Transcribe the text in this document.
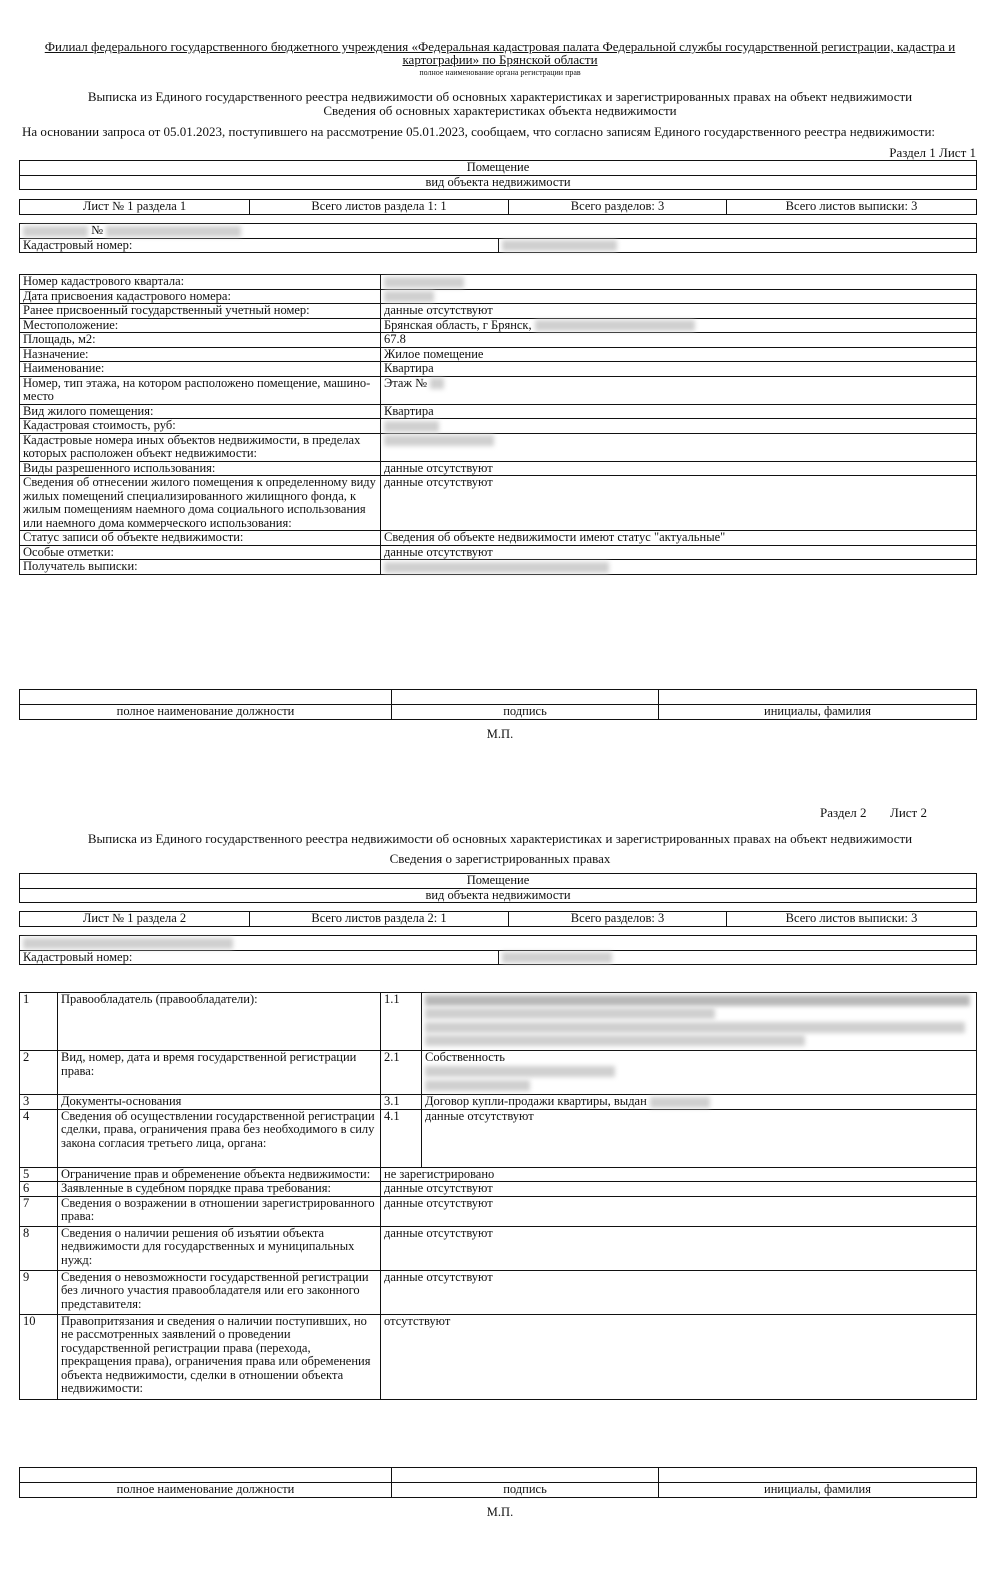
Филиал федерального государственного бюджетного учреждения «Федеральная кадастровая палата Федеральной службы государственной регистрации, кадастра и
картографии» по Брянской области
полное наименование органа регистрации прав
Выписка из Единого государственного реестра недвижимости об основных характеристиках и зарегистрированных правах на объект недвижимости
Сведения об основных характеристиках объекта недвижимости
На основании запроса от 05.01.2023, поступившего на рассмотрение 05.01.2023, сообщаем, что согласно записям Единого государственного реестра недвижимости:
Раздел 1 Лист 1
Помещение
вид объекта недвижимости
Лист № 1 раздела 1	Всего листов раздела 1: 1	Всего разделов: 3	Всего листов выписки: 3
№
Кадастровый номер:	
Номер кадастрового квартала:	
Дата присвоения кадастрового номера:	
Ранее присвоенный государственный учетный номер:	данные отсутствуют
Местоположение:	Брянская область, г Брянск,
Площадь, м2:	67.8
Назначение:	Жилое помещение
Наименование:	Квартира
Номер, тип этажа, на котором расположено помещение, машино-место	Этаж №
Вид жилого помещения:	Квартира
Кадастровая стоимость, руб:	
Кадастровые номера иных объектов недвижимости, в пределах которых расположен объект недвижимости:	
Виды разрешенного использования:	данные отсутствуют
Сведения об отнесении жилого помещения к определенному виду жилых помещений специализированного жилищного фонда, к жилым помещениям наемного дома социального использования или наемного дома коммерческого использования:	данные отсутствуют
Статус записи об объекте недвижимости:	Сведения об объекте недвижимости имеют статус "актуальные"
Особые отметки:	данные отсутствуют
Получатель выписки:	

полное наименование должности	подпись	инициалы, фамилия
М.П.
Раздел 2 Лист 2
Выписка из Единого государственного реестра недвижимости об основных характеристиках и зарегистрированных правах на объект недвижимости
Сведения о зарегистрированных правах
Помещение
вид объекта недвижимости
Лист № 1 раздела 2	Всего листов раздела 2: 1	Всего разделов: 3	Всего листов выписки: 3

Кадастровый номер:	
1	Правообладатель (правообладатели):	1.1	

2	Вид, номер, дата и время государственной регистрации права:	2.1	Собственность

3	Документы-основания	3.1	Договор купли-продажи квартиры, выдан
4	Сведения об осуществлении государственной регистрации сделки, права, ограничения права без необходимого в силу закона согласия третьего лица, органа:	4.1	данные отсутствуют
5	Ограничение прав и обременение объекта недвижимости:	не зарегистрировано	
6	Заявленные в судебном порядке права требования:	данные отсутствуют	
7	Сведения о возражении в отношении зарегистрированного права:	данные отсутствуют	
8	Сведения о наличии решения об изъятии объекта недвижимости для государственных и муниципальных нужд:	данные отсутствуют	
9	Сведения о невозможности государственной регистрации без личного участия правообладателя или его законного представителя:	данные отсутствуют	
10	Правопритязания и сведения о наличии поступивших, но не рассмотренных заявлений о проведении государственной регистрации права (перехода, прекращения права), ограничения права или обременения объекта недвижимости, сделки в отношении объекта недвижимости:	отсутствуют	

полное наименование должности	подпись	инициалы, фамилия
М.П.
